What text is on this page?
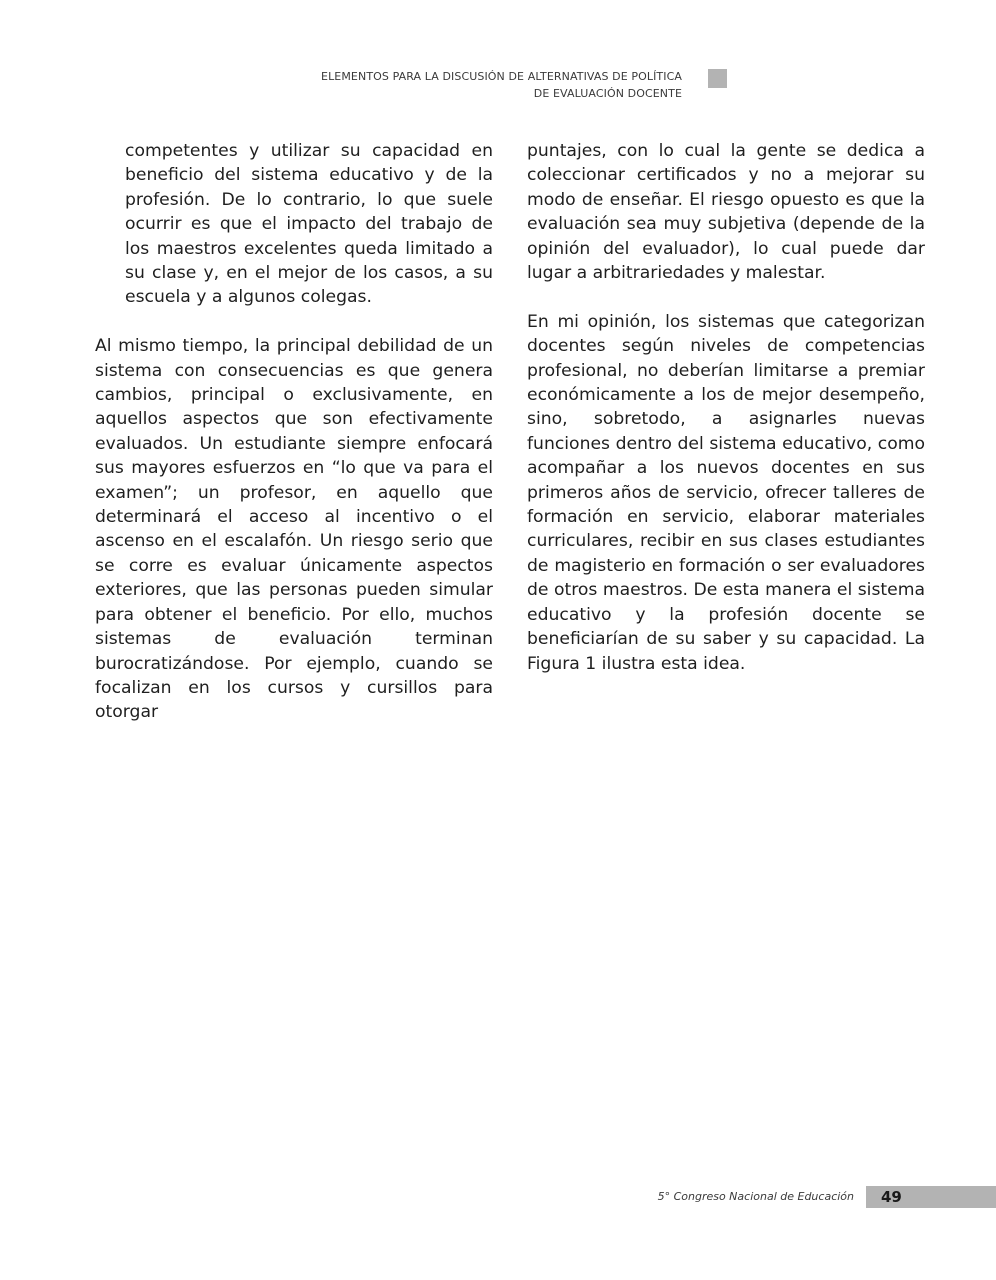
ELEMENTOS PARA LA DISCUSIÓN DE ALTERNATIVAS DE POLÍTICA
DE EVALUACIÓN DOCENTE

competentes y utilizar su capacidad en beneficio del sistema educativo y de la profesión. De lo contrario, lo que suele ocurrir es que el impacto del trabajo de los maestros excelentes queda limitado a su clase y, en el mejor de los casos, a su escuela y a algunos colegas.

Al mismo tiempo, la principal debilidad de un sistema con consecuencias es que genera cambios, principal o exclusivamente, en aquellos aspectos que son efectivamente evaluados. Un estudiante siempre enfocará sus mayores esfuerzos en “lo que va para el examen”; un profesor, en aquello que determinará el acceso al incentivo o el ascenso en el escalafón. Un riesgo serio que se corre es evaluar únicamente aspectos exteriores, que las personas pueden simular para obtener el beneficio. Por ello, muchos sistemas de evaluación terminan burocratizándose. Por ejemplo, cuando se focalizan en los cursos y cursillos para otorgar

puntajes, con lo cual la gente se dedica a coleccionar certificados y no a mejorar su modo de enseñar. El riesgo opuesto es que la evaluación sea muy subjetiva (depende de la opinión del evaluador), lo cual puede dar lugar a arbitrariedades y malestar.

En mi opinión, los sistemas que categorizan docentes según niveles de competencias profesional, no deberían limitarse a premiar económicamente a los de mejor desempeño, sino, sobretodo, a asignarles nuevas funciones dentro del sistema educativo, como acompañar a los nuevos docentes en sus primeros años de servicio, ofrecer talleres de formación en servicio, elaborar materiales curriculares, recibir en sus clases estudiantes de magisterio en formación o ser evaluadores de otros maestros. De esta manera el sistema educativo y la profesión docente se beneficiarían de su saber y su capacidad. La Figura 1 ilustra esta idea.

5° Congreso Nacional de Educación 49
